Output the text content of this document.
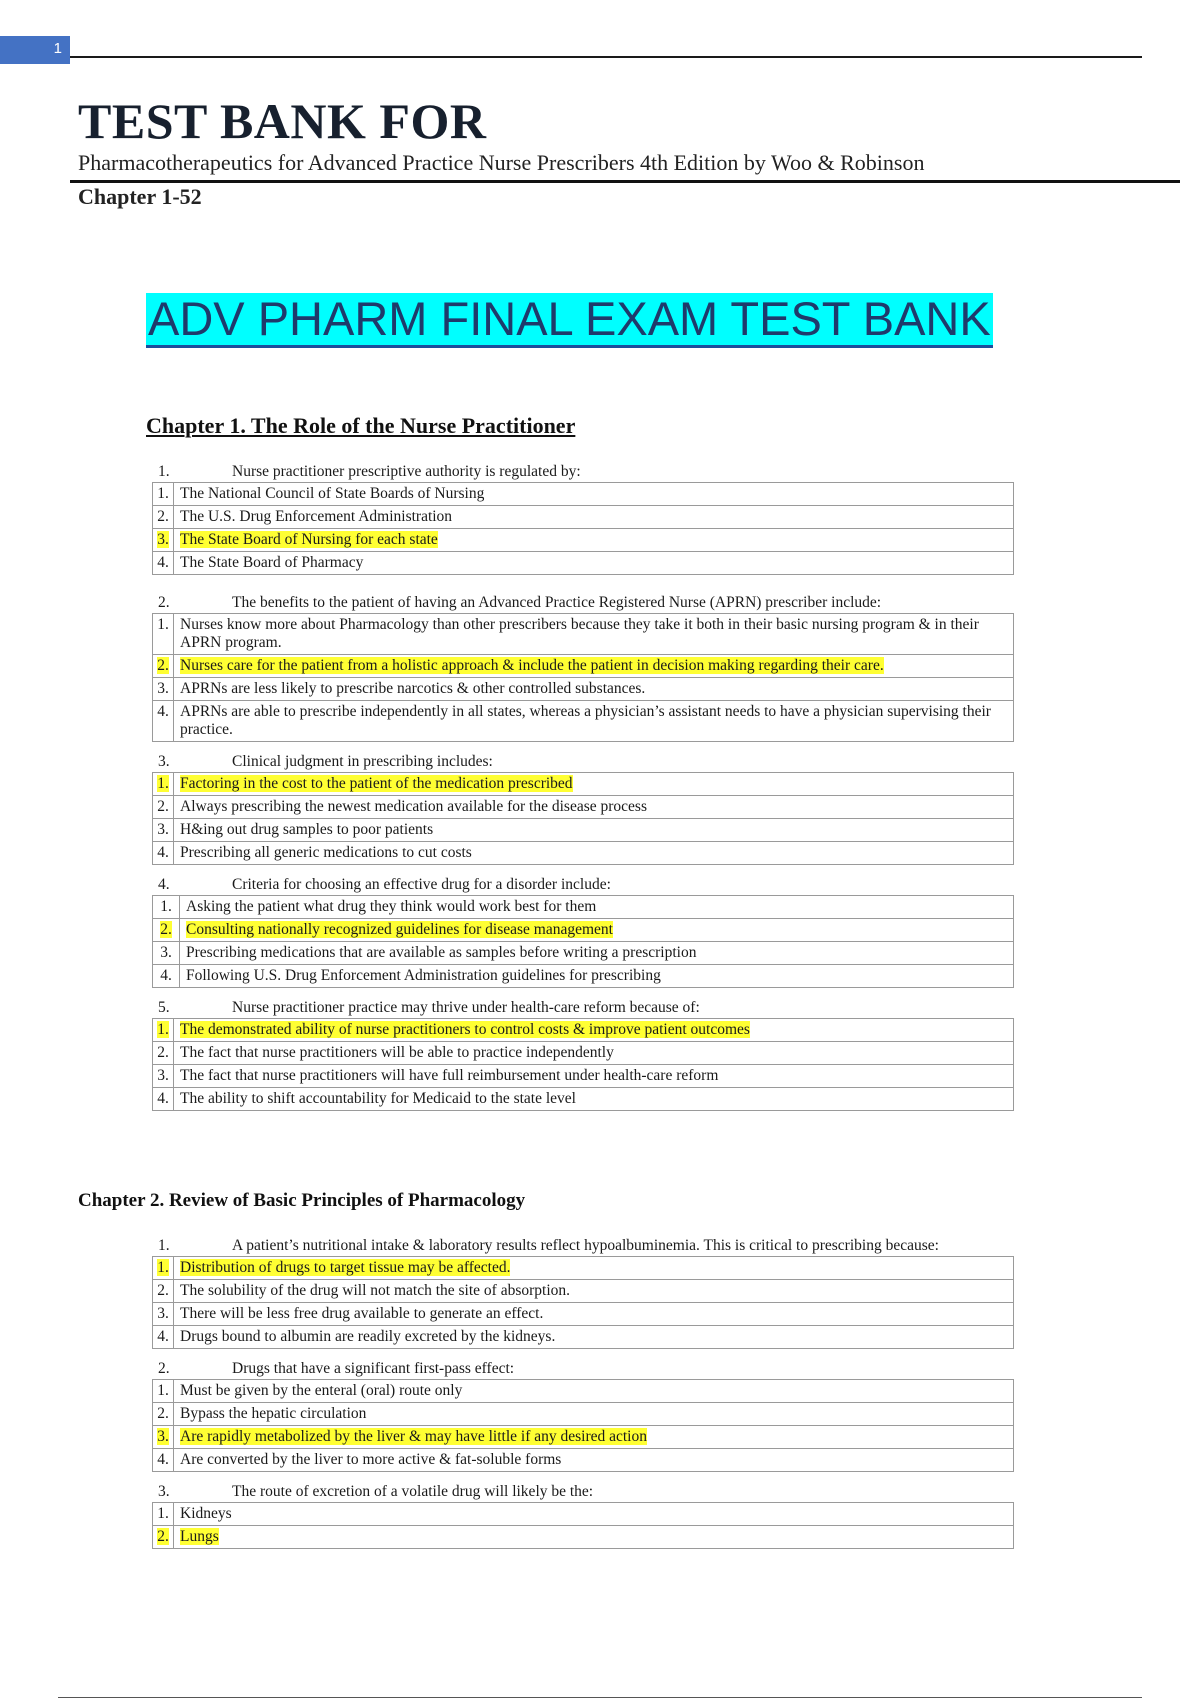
1
TEST BANK FOR
Pharmacotherapeutics for Advanced Practice Nurse Prescribers 4th Edition by Woo & Robinson
Chapter 1-52
ADV PHARM FINAL EXAM TEST BANK
Chapter 1. The Role of the Nurse Practitioner
1.	Nurse practitioner prescriptive authority is regulated by:
1. The National Council of State Boards of Nursing
2. The U.S. Drug Enforcement Administration
3. The State Board of Nursing for each state
4. The State Board of Pharmacy
2.	The benefits to the patient of having an Advanced Practice Registered Nurse (APRN) prescriber include:
1. Nurses know more about Pharmacology than other prescribers because they take it both in their basic nursing program & in their APRN program.
2. Nurses care for the patient from a holistic approach & include the patient in decision making regarding their care.
3. APRNs are less likely to prescribe narcotics & other controlled substances.
4. APRNs are able to prescribe independently in all states, whereas a physician’s assistant needs to have a physician supervising their practice.
3.	Clinical judgment in prescribing includes:
1. Factoring in the cost to the patient of the medication prescribed
2. Always prescribing the newest medication available for the disease process
3. H&ing out drug samples to poor patients
4. Prescribing all generic medications to cut costs
4.	Criteria for choosing an effective drug for a disorder include:
1. Asking the patient what drug they think would work best for them
2. Consulting nationally recognized guidelines for disease management
3. Prescribing medications that are available as samples before writing a prescription
4. Following U.S. Drug Enforcement Administration guidelines for prescribing
5.	Nurse practitioner practice may thrive under health-care reform because of:
1. The demonstrated ability of nurse practitioners to control costs & improve patient outcomes
2. The fact that nurse practitioners will be able to practice independently
3. The fact that nurse practitioners will have full reimbursement under health-care reform
4. The ability to shift accountability for Medicaid to the state level
Chapter 2. Review of Basic Principles of Pharmacology
1.	A patient’s nutritional intake & laboratory results reflect hypoalbuminemia. This is critical to prescribing because:
1. Distribution of drugs to target tissue may be affected.
2. The solubility of the drug will not match the site of absorption.
3. There will be less free drug available to generate an effect.
4. Drugs bound to albumin are readily excreted by the kidneys.
2.	Drugs that have a significant first-pass effect:
1. Must be given by the enteral (oral) route only
2. Bypass the hepatic circulation
3. Are rapidly metabolized by the liver & may have little if any desired action
4. Are converted by the liver to more active & fat-soluble forms
3.	The route of excretion of a volatile drug will likely be the:
1. Kidneys
2. Lungs
